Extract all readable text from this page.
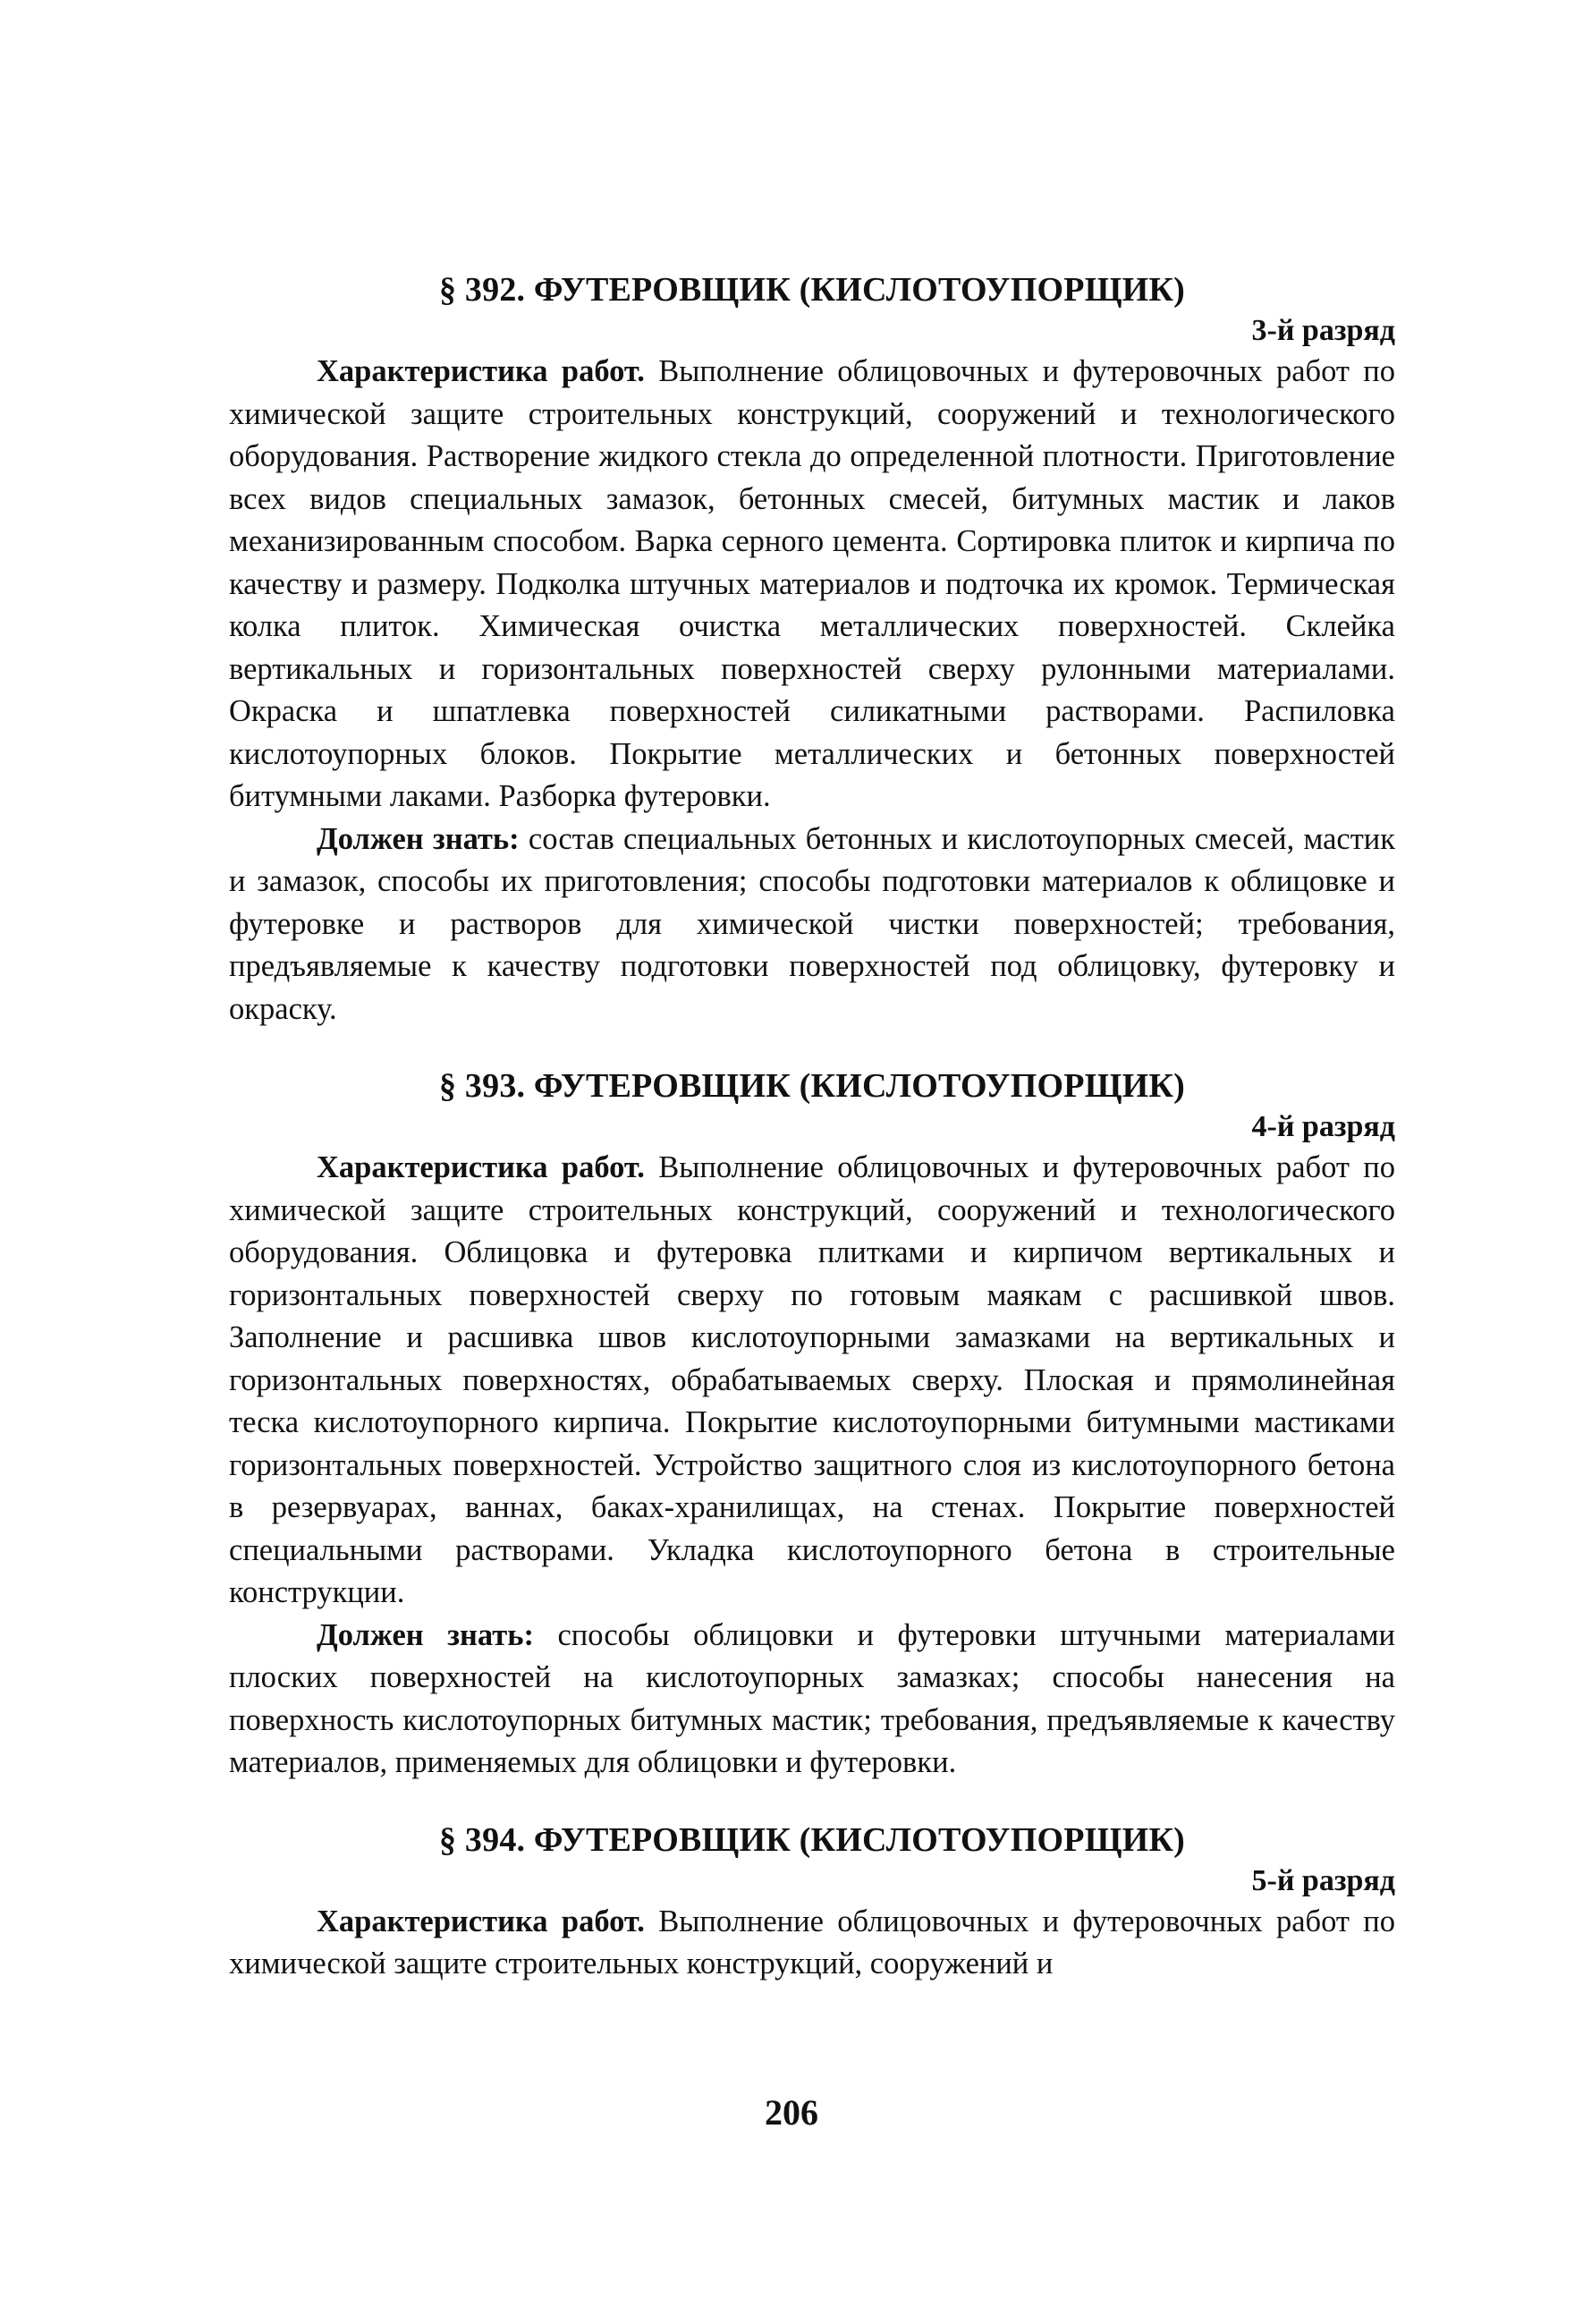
§ 392. ФУТЕРОВЩИК (КИСЛОТОУПОРЩИК)
3-й разряд

Характеристика работ. Выполнение облицовочных и футеровочных работ по химической защите строительных конструкций, сооружений и технологического оборудования. Растворение жидкого стекла до определенной плотности. Приготовление всех видов специальных замазок, бетонных смесей, битумных мастик и лаков механизированным способом. Варка серного цемента. Сортировка плиток и кирпича по качеству и размеру. Подколка штучных материалов и подточка их кромок. Термическая колка плиток. Химическая очистка металлических поверхностей. Склейка вертикальных и горизонтальных поверхностей сверху рулонными материалами. Окраска и шпатлевка поверхностей силикатными растворами. Распиловка кислотоупорных блоков. Покрытие металлических и бетонных поверхностей битумными лаками. Разборка футеровки.

Должен знать: состав специальных бетонных и кислотоупорных смесей, мастик и замазок, способы их приготовления; способы подготовки материалов к облицовке и футеровке и растворов для химической чистки поверхностей; требования, предъявляемые к качеству подготовки поверхностей под облицовку, футеровку и окраску.

§ 393. ФУТЕРОВЩИК (КИСЛОТОУПОРЩИК)
4-й разряд

Характеристика работ. Выполнение облицовочных и футеровочных работ по химической защите строительных конструкций, сооружений и технологического оборудования. Облицовка и футеровка плитками и кирпичом вертикальных и горизонтальных поверхностей сверху по готовым маякам с расшивкой швов. Заполнение и расшивка швов кислотоупорными замазками на вертикальных и горизонтальных поверхностях, обрабатываемых сверху. Плоская и прямолинейная теска кислотоупорного кирпича. Покрытие кислотоупорными битумными мастиками горизонтальных поверхностей. Устройство защитного слоя из кислотоупорного бетона в резервуарах, ваннах, баках-хранилищах, на стенах. Покрытие поверхностей специальными растворами. Укладка кислотоупорного бетона в строительные конструкции.

Должен знать: способы облицовки и футеровки штучными материалами плоских поверхностей на кислотоупорных замазках; способы нанесения на поверхность кислотоупорных битумных мастик; требования, предъявляемые к качеству материалов, применяемых для облицовки и футеровки.

§ 394. ФУТЕРОВЩИК (КИСЛОТОУПОРЩИК)
5-й разряд

Характеристика работ. Выполнение облицовочных и футеровочных работ по химической защите строительных конструкций, сооружений и

206
